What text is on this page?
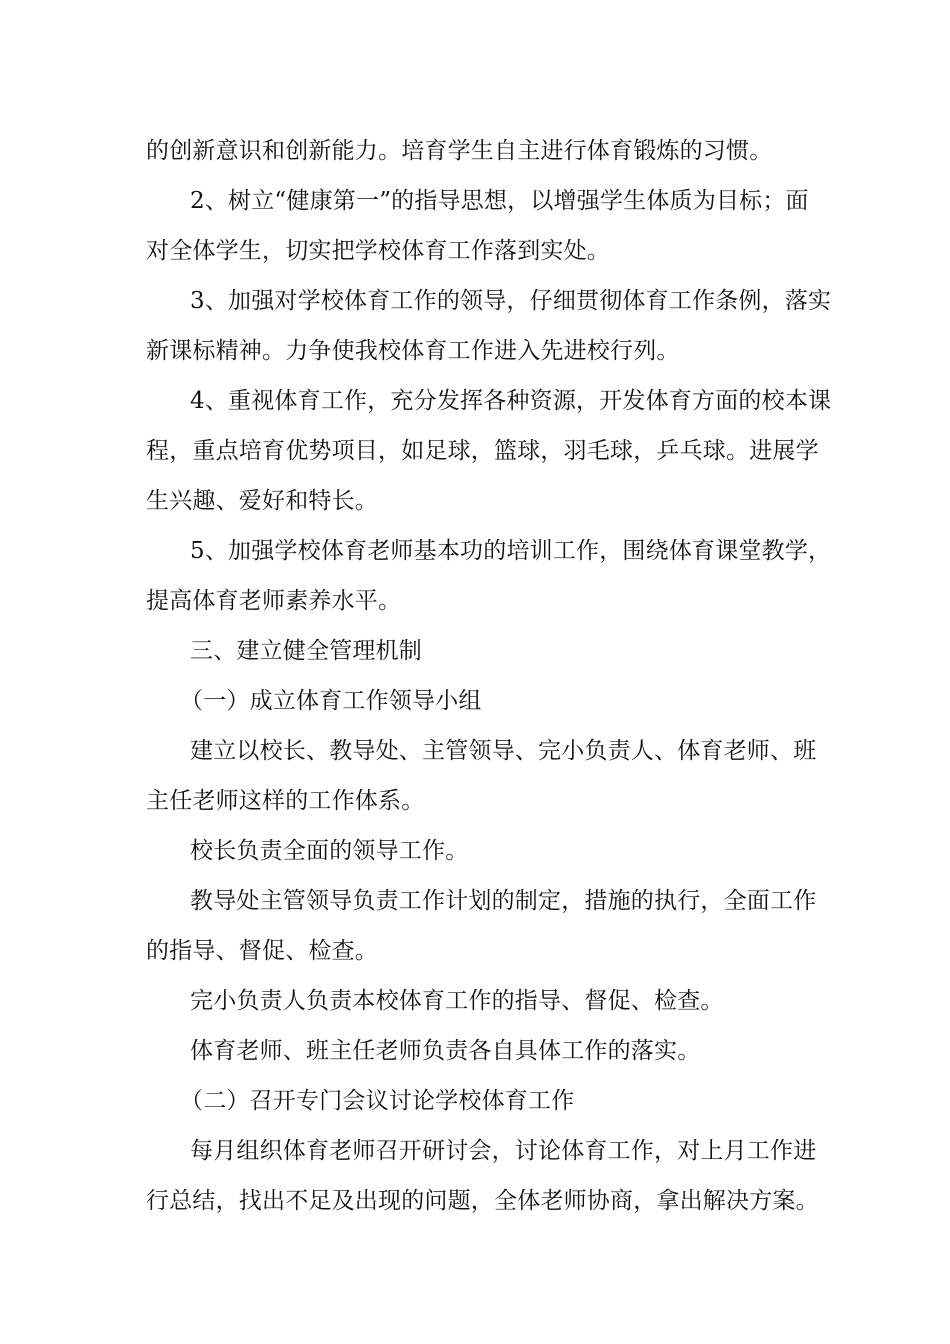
的创新意识和创新能力。培育学生自主进行体育锻炼的习惯。
2、树立“健康第一”的指导思想，以增强学生体质为目标；面
对全体学生，切实把学校体育工作落到实处。
3、加强对学校体育工作的领导，仔细贯彻体育工作条例，落实
新课标精神。力争使我校体育工作进入先进校行列。
4、重视体育工作，充分发挥各种资源，开发体育方面的校本课
程，重点培育优势项目，如足球，篮球，羽毛球，乒乓球。进展学
生兴趣、爱好和特长。
5、加强学校体育老师基本功的培训工作，围绕体育课堂教学，
提高体育老师素养水平。
三、建立健全管理机制
（一）成立体育工作领导小组
建立以校长、教导处、主管领导、完小负责人、体育老师、班
主任老师这样的工作体系。
校长负责全面的领导工作。
教导处主管领导负责工作计划的制定，措施的执行，全面工作
的指导、督促、检查。
完小负责人负责本校体育工作的指导、督促、检查。
体育老师、班主任老师负责各自具体工作的落实。
（二）召开专门会议讨论学校体育工作
每月组织体育老师召开研讨会，讨论体育工作，对上月工作进
行总结，找出不足及出现的问题，全体老师协商，拿出解决方案。
